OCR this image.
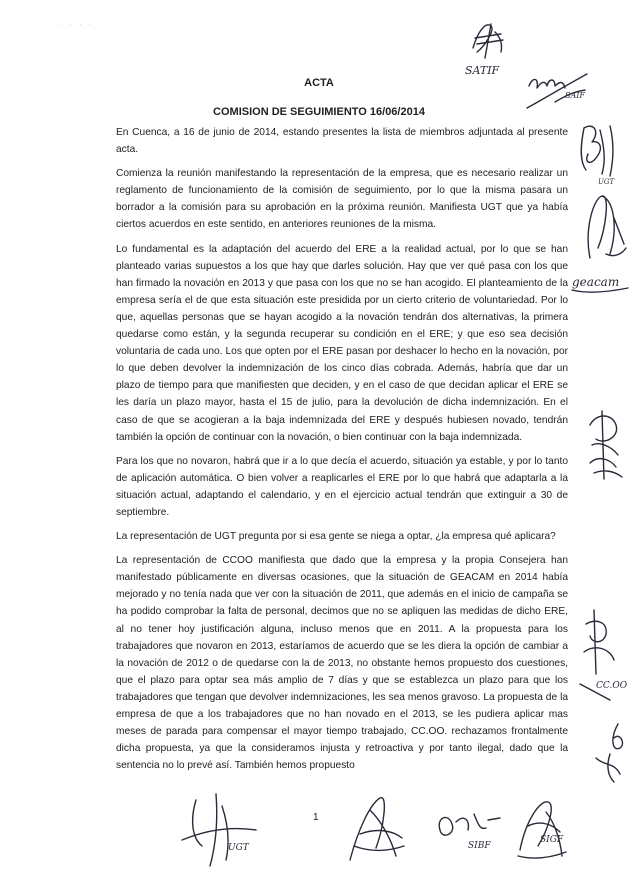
· · · ·
SATIF
SAIF
UGT
geacam
CC.OO
ACTA
COMISION DE SEGUIMIENTO 16/06/2014

En Cuenca, a 16 de junio de 2014, estando presentes la lista de miembros adjuntada al presente acta.

Comienza la reunión manifestando la representación de la empresa, que es necesario realizar un reglamento de funcionamiento de la comisión de seguimiento, por lo que la misma pasara un borrador a la comisión para su aprobación en la próxima reunión. Manifiesta UGT que ya había ciertos acuerdos en este sentido, en anteriores reuniones de la misma.

Lo fundamental es la adaptación del acuerdo del ERE a la realidad actual, por lo que se han planteado varias supuestos a los que hay que darles solución. Hay que ver qué pasa con los que han firmado la novación en 2013 y que pasa con los que no se han acogido. El planteamiento de la empresa sería el de que esta situación este presidida por un cierto criterio de voluntariedad. Por lo que, aquellas personas que se hayan acogido a la novación tendrán dos alternativas, la primera quedarse como están, y la segunda recuperar su condición en el ERE; y que eso sea decisión voluntaria de cada uno. Los que opten por el ERE pasan por deshacer lo hecho en la novación, por lo que deben devolver la indemnización de los cinco días cobrada. Además, habría que dar un plazo de tiempo para que manifiesten que deciden, y en el caso de que decidan aplicar el ERE se les daría un plazo mayor, hasta el 15 de julio, para la devolución de dicha indemnización. En el caso de que se acogieran a la baja indemnizada del ERE y después hubiesen novado, tendrán también la opción de continuar con la novación, o bien continuar con la baja indemnizada.

Para los que no novaron, habrá que ir a lo que decía el acuerdo, situación ya estable, y por lo tanto de aplicación automática. O bien volver a reaplicarles el ERE por lo que habrá que adaptarla a la situación actual, adaptando el calendario, y en el ejercicio actual tendrán que extinguir a 30 de septiembre.

La representación de UGT pregunta por si esa gente se niega a optar, ¿la empresa qué aplicara?

La representación de CCOO manifiesta que dado que la empresa y la propia Consejera han manifestado públicamente en diversas ocasiones, que la situación de GEACAM en 2014 había mejorado y no tenía nada que ver con la situación de 2011, que además en el inicio de campaña se ha podido comprobar la falta de personal, decimos que no se apliquen las medidas de dicho ERE, al no tener hoy justificación alguna, incluso menos que en 2011. A la propuesta para los trabajadores que novaron en 2013, estaríamos de acuerdo que se les diera la opción de cambiar a la novación de 2012 o de quedarse con la de 2013, no obstante hemos propuesto dos cuestiones, que el plazo para optar sea más amplio de 7 días y que se establezca un plazo para que los trabajadores que tengan que devolver indemnizaciones, les sea menos gravoso. La propuesta de la empresa de que a los trabajadores que no han novado en el 2013, se les pudiera aplicar mas meses de parada para compensar el mayor tiempo trabajado, CC.OO. rechazamos frontalmente dicha propuesta, ya que la consideramos injusta y retroactiva y por tanto ilegal, dado que la sentencia no lo prevé así. También hemos propuesto

1
UGT	SIBF
SIGF
